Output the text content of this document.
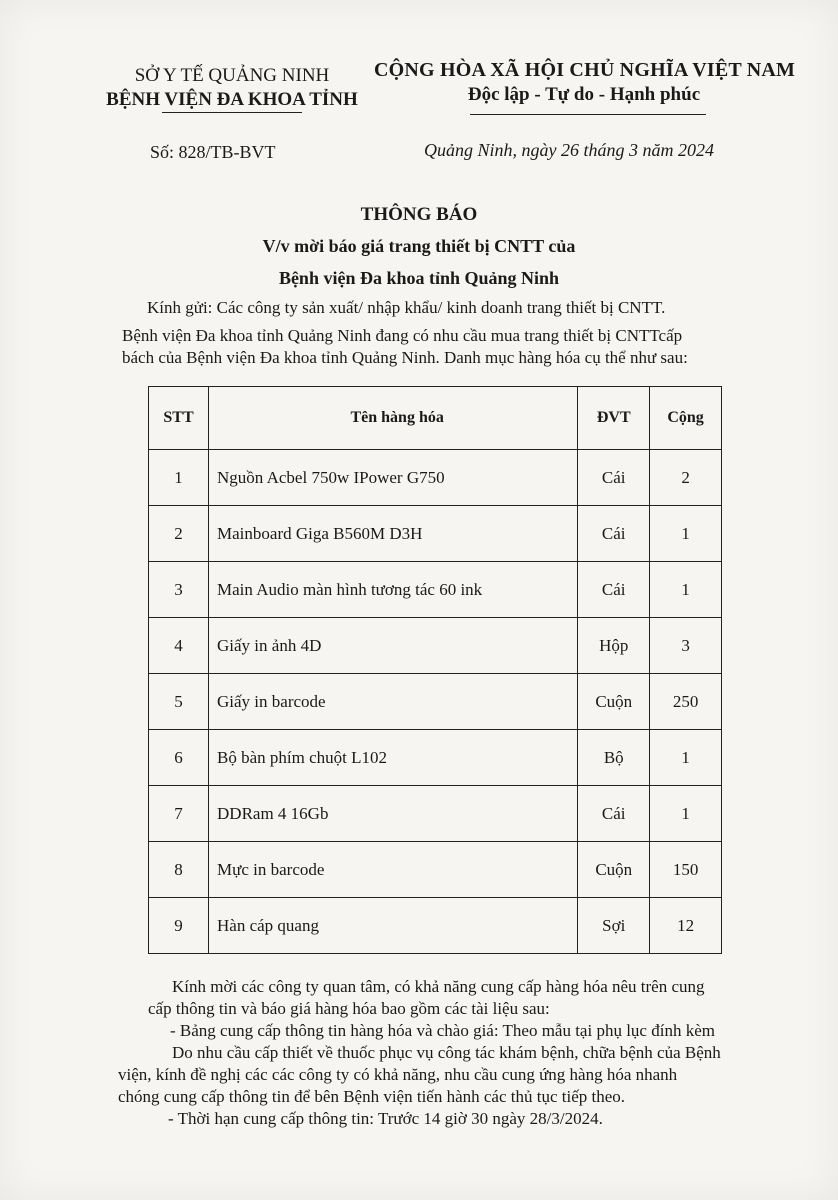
SỞ Y TẾ QUẢNG NINH
BỆNH VIỆN ĐA KHOA TỈNH
CỘNG HÒA XÃ HỘI CHỦ NGHĨA VIỆT NAM
Độc lập - Tự do - Hạnh phúc
Số: 828/TB-BVT	Quảng Ninh, ngày 26 tháng 3 năm 2024
THÔNG BÁO
V/v mời báo giá trang thiết bị CNTT của
Bệnh viện Đa khoa tỉnh Quảng Ninh
Kính gửi: Các công ty sản xuất/ nhập khẩu/ kinh doanh trang thiết bị CNTT.
Bệnh viện Đa khoa tỉnh Quảng Ninh đang có nhu cầu mua trang thiết bị CNTTcấp
bách của Bệnh viện Đa khoa tỉnh Quảng Ninh. Danh mục hàng hóa cụ thể như sau:
STT	Tên hàng hóa	ĐVT	Cộng
1	Nguồn Acbel 750w IPower G750	Cái	2
2	Mainboard Giga B560M D3H	Cái	1
3	Main Audio màn hình tương tác 60 ink	Cái	1
4	Giấy in ảnh 4D	Hộp	3
5	Giấy in barcode	Cuộn	250
6	Bộ bàn phím chuột L102	Bộ	1
7	DDRam 4 16Gb	Cái	1
8	Mực in barcode	Cuộn	150
9	Hàn cáp quang	Sợi	12
Kính mời các công ty quan tâm, có khả năng cung cấp hàng hóa nêu trên cung
cấp thông tin và báo giá hàng hóa bao gồm các tài liệu sau:
- Bảng cung cấp thông tin hàng hóa và chào giá: Theo mẫu tại phụ lục đính kèm
Do nhu cầu cấp thiết về thuốc phục vụ công tác khám bệnh, chữa bệnh của Bệnh
viện, kính đề nghị các các công ty có khả năng, nhu cầu cung ứng hàng hóa nhanh
chóng cung cấp thông tin để bên Bệnh viện tiến hành các thủ tục tiếp theo.
- Thời hạn cung cấp thông tin: Trước 14 giờ 30 ngày 28/3/2024.
